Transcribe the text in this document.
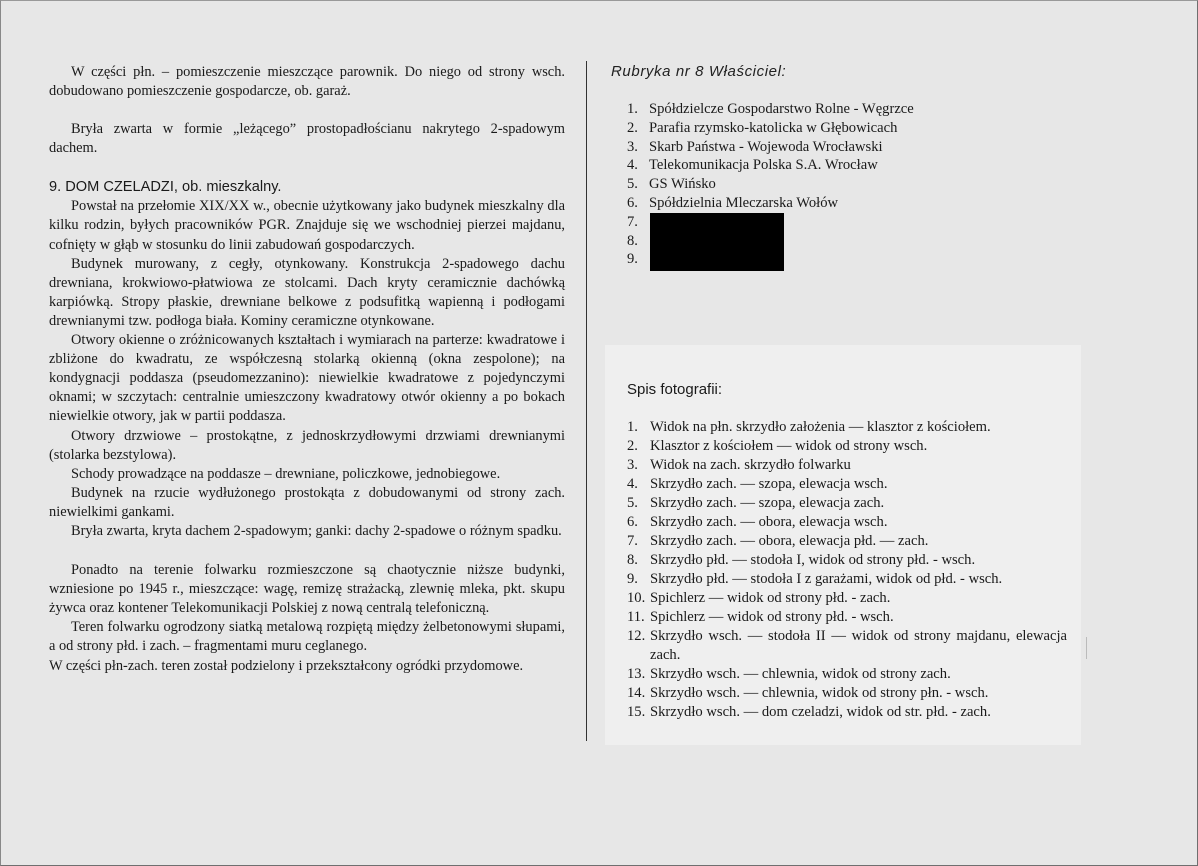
W części płn. – pomieszczenie mieszczące parownik. Do niego od strony wsch. dobudowano pomieszczenie gospodarcze, ob. garaż.

Bryła zwarta w formie „leżącego” prostopadłościanu nakrytego 2-spadowym dachem.

9. DOM CZELADZI, ob. mieszkalny.

Powstał na przełomie XIX/XX w., obecnie użytkowany jako budynek mieszkalny dla kilku rodzin, byłych pracowników PGR. Znajduje się we wschodniej pierzei majdanu, cofnięty w głąb w stosunku do linii zabudowań gospodarczych.

Budynek murowany, z cegły, otynkowany. Konstrukcja 2-spadowego dachu drewniana, krokwiowo-płatwiowa ze stolcami. Dach kryty ceramicznie dachówką karpiówką. Stropy płaskie, drewniane belkowe z podsufitką wapienną i podłogami drewnianymi tzw. podłoga biała. Kominy ceramiczne otynkowane.

Otwory okienne o zróżnicowanych kształtach i wymiarach na parterze: kwadratowe i zbliżone do kwadratu, ze współczesną stolarką okienną (okna zespolone); na kondygnacji poddasza (pseudomezzanino): niewielkie kwadratowe z pojedynczymi oknami; w szczytach: centralnie umieszczony kwadratowy otwór okienny a po bokach niewielkie otwory, jak w partii poddasza.

Otwory drzwiowe – prostokątne, z jednoskrzydłowymi drzwiami drewnianymi (stolarka bezstylowa).

Schody prowadzące na poddasze – drewniane, policzkowe, jednobiegowe.

Budynek na rzucie wydłużonego prostokąta z dobudowanymi od strony zach. niewielkimi gankami.

Bryła zwarta, kryta dachem 2-spadowym; ganki: dachy 2-spadowe o różnym spadku.

Ponadto na terenie folwarku rozmieszczone są chaotycznie niższe budynki, wzniesione po 1945 r., mieszczące: wagę, remizę strażacką, zlewnię mleka, pkt. skupu żywca oraz kontener Telekomunikacji Polskiej z nową centralą telefoniczną.

Teren folwarku ogrodzony siatką metalową rozpiętą między żelbetonowymi słupami, a od strony płd. i zach. – fragmentami muru ceglanego.

W części płn-zach. teren został podzielony i przekształcony ogródki przydomowe.

Rubryka nr 8 Właściciel:
1. Spółdzielcze Gospodarstwo Rolne - Węgrzce
2. Parafia rzymsko-katolicka w Głębowicach
3. Skarb Państwa - Wojewoda Wrocławski
4. Telekomunikacja Polska S.A. Wrocław
5. GS Wińsko
6. Spółdzielnia Mleczarska Wołów
7.
8.
9.
Spis fotografii:
1. Widok na płn. skrzydło założenia — klasztor z kościołem.
2. Klasztor z kościołem — widok od strony wsch.
3. Widok na zach. skrzydło folwarku
4. Skrzydło zach. — szopa, elewacja wsch.
5. Skrzydło zach. — szopa, elewacja zach.
6. Skrzydło zach. — obora, elewacja wsch.
7. Skrzydło zach. — obora, elewacja płd. — zach.
8. Skrzydło płd. — stodoła I, widok od strony płd. - wsch.
9. Skrzydło płd. — stodoła I z garażami, widok od płd. - wsch.
10. Spichlerz — widok od strony płd. - zach.
11. Spichlerz — widok od strony płd. - wsch.
12. Skrzydło wsch. — stodoła II — widok od strony majdanu, elewacja zach.
13. Skrzydło wsch. — chlewnia, widok od strony zach.
14. Skrzydło wsch. — chlewnia, widok od strony płn. - wsch.
15. Skrzydło wsch. — dom czeladzi, widok od str. płd. - zach.
